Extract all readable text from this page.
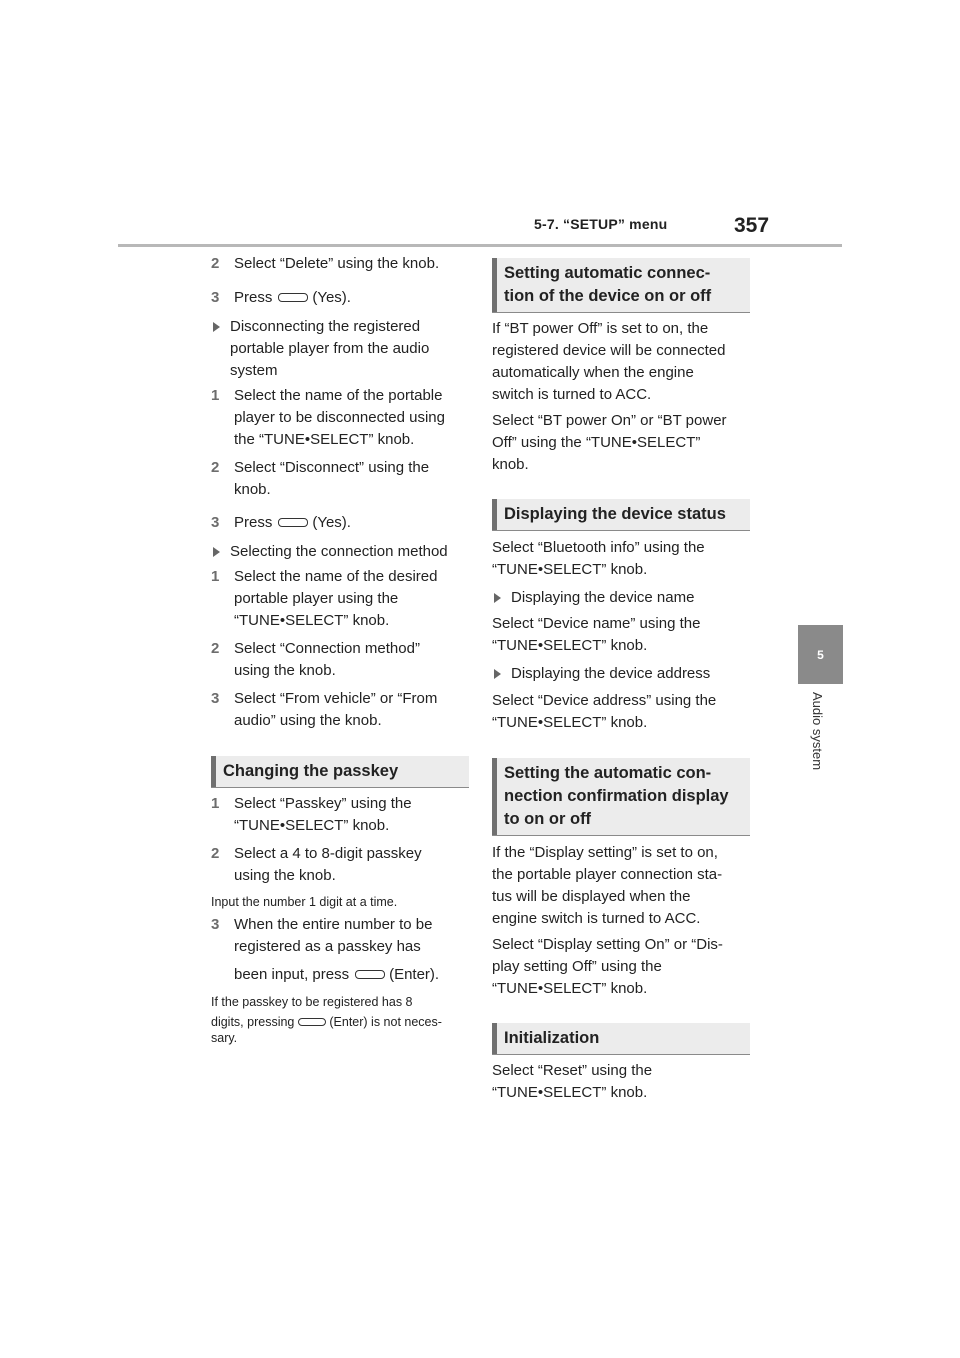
5-7. “SETUP” menu	357
5
Audio system

2 Select “Delete” using the knob.

3 Press	(Yes).

Disconnecting the registered
portable player from the audio
system

1 Select the name of the portable
player to be disconnected using
the “TUNE•SELECT” knob.

2 Select “Disconnect” using the
knob.

3 Press	(Yes).

Selecting the connection method

1 Select the name of the desired
portable player using the
“TUNE•SELECT” knob.

2 Select “Connection method”
using the knob.

3 Select “From vehicle” or “From
audio” using the knob.

Changing the passkey

1 Select “Passkey” using the
“TUNE•SELECT” knob.

2 Select a 4 to 8-digit passkey
using the knob.

Input the number 1 digit at a time.

3 When the entire number to be
registered as a passkey has

been input, press	(Enter).

If the passkey to be registered has 8

digits, pressing	(Enter) is not neces-
sary.

Setting automatic connec-
tion of the device on or off

If “BT power Off” is set to on, the
registered device will be connected
automatically when the engine
switch is turned to ACC.

Select “BT power On” or “BT power
Off” using the “TUNE•SELECT”
knob.

Displaying the device status

Select “Bluetooth info” using the
“TUNE•SELECT” knob.

Displaying the device name

Select “Device name” using the
“TUNE•SELECT” knob.

Displaying the device address

Select “Device address” using the
“TUNE•SELECT” knob.

Setting the automatic con-
nection confirmation display
to on or off

If the “Display setting” is set to on,
the portable player connection sta-
tus will be displayed when the
engine switch is turned to ACC.

Select “Display setting On” or “Dis-
play setting Off” using the
“TUNE•SELECT” knob.

Initialization

Select “Reset” using the
“TUNE•SELECT” knob.
